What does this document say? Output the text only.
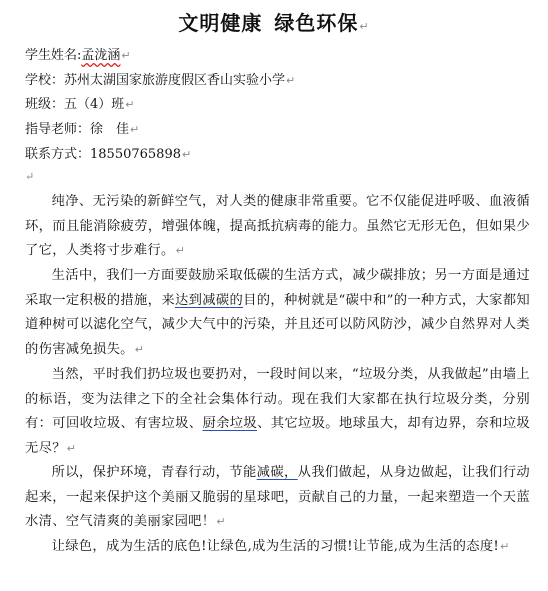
文明健康 绿色环保↵
学生姓名:孟泷涵↵
学校：苏州太湖国家旅游度假区香山实验小学↵
班级：五（4）班↵
指导老师：徐　佳↵
联系方式：18550765898↵
↵
纯净、无污染的新鲜空气，对人类的健康非常重要。它不仅能促进呼吸、血液循环，而且能消除疲劳，增强体魄，提高抵抗病毒的能力。虽然它无形无色，但如果少了它，人类将寸步难行。↵
生活中，我们一方面要鼓励采取低碳的生活方式，减少碳排放；另一方面是通过采取一定积极的措施，来达到减碳的目的，种树就是“碳中和”的一种方式，大家都知道种树可以滤化空气，减少大气中的污染，并且还可以防风防沙，减少自然界对人类的伤害减免损失。↵
当然，平时我们扔垃圾也要扔对，一段时间以来，“垃圾分类，从我做起”由墙上的标语，变为法律之下的全社会集体行动。现在我们大家都在执行垃圾分类，分别有：可回收垃圾、有害垃圾、厨余垃圾、其它垃圾。地球虽大，却有边界，奈和垃圾无尽？↵
所以，保护环境，青春行动，节能减碳，从我们做起，从身边做起，让我们行动起来，一起来保护这个美丽又脆弱的星球吧，贡献自己的力量，一起来塑造一个天蓝水清、空气清爽的美丽家园吧！↵
让绿色，成为生活的底色!让绿色,成为生活的习惯!让节能,成为生活的态度!↵
